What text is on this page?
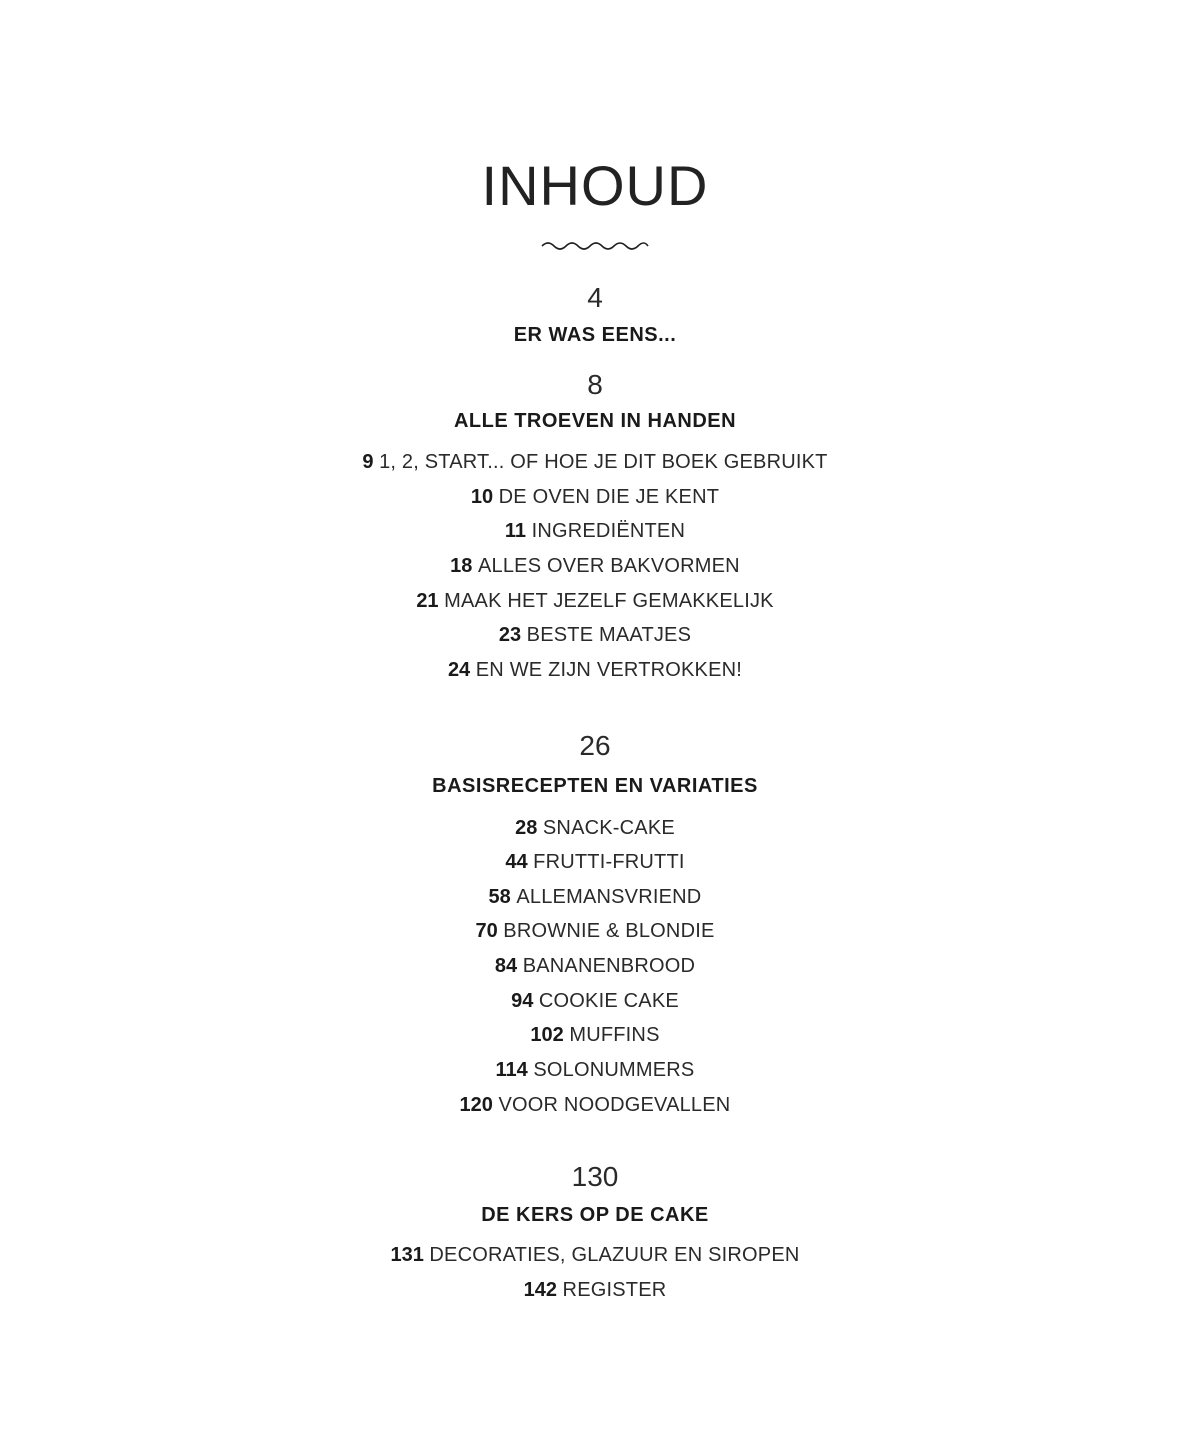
INHOUD
4
ER WAS EENS...
8
ALLE TROEVEN IN HANDEN
9 1, 2, START... OF HOE JE DIT BOEK GEBRUIKT
10 DE OVEN DIE JE KENT
11 INGREDIËNTEN
18 ALLES OVER BAKVORMEN
21 MAAK HET JEZELF GEMAKKELIJK
23 BESTE MAATJES
24 EN WE ZIJN VERTROKKEN!
26
BASISRECEPTEN EN VARIATIES
28 SNACK-CAKE
44 FRUTTI-FRUTTI
58 ALLEMANSVRIEND
70 BROWNIE & BLONDIE
84 BANANENBROOD
94 COOKIE CAKE
102 MUFFINS
114 SOLONUMMERS
120 VOOR NOODGEVALLEN
130
DE KERS OP DE CAKE
131 DECORATIES, GLAZUUR EN SIROPEN
142 REGISTER
